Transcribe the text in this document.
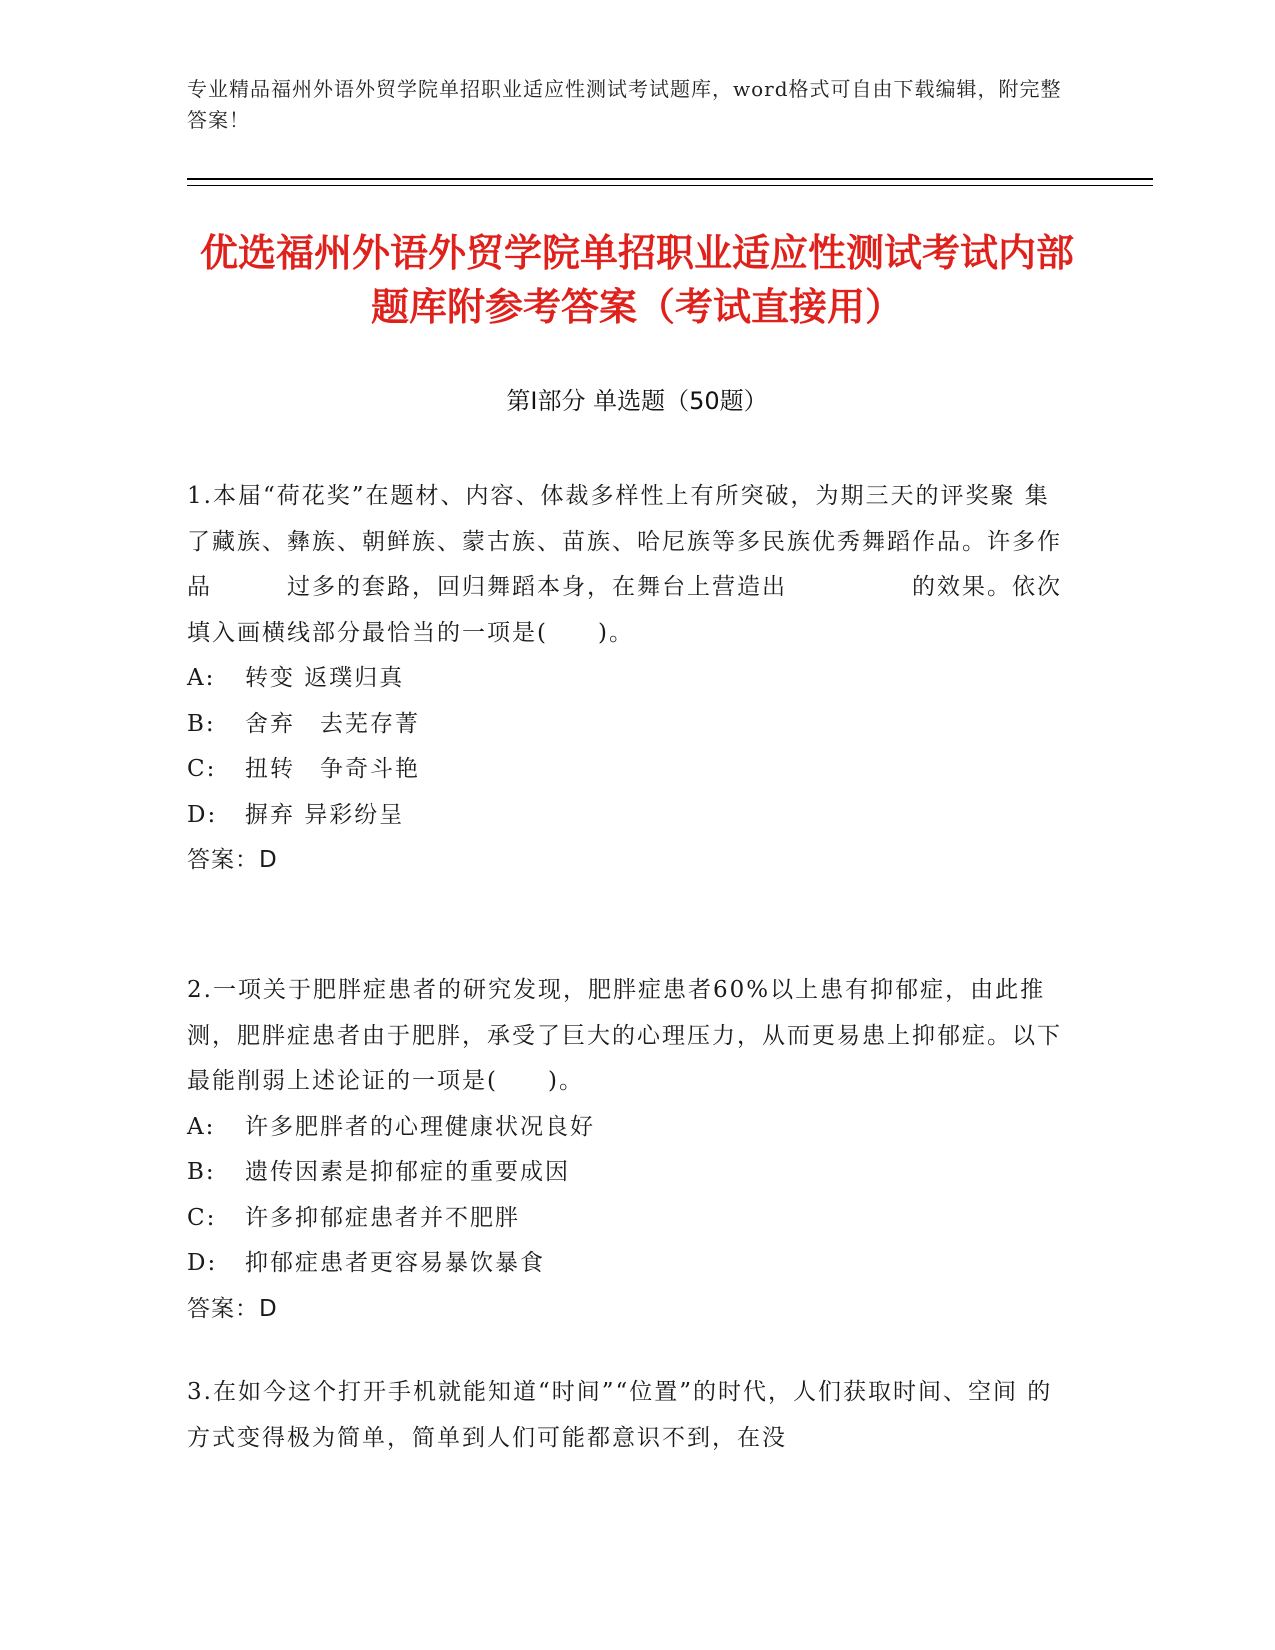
专业精品福州外语外贸学院单招职业适应性测试考试题库，word格式可自由下载编辑，附完整答案！
优选福州外语外贸学院单招职业适应性测试考试内部题库附参考答案（考试直接用）
第Ⅰ部分 单选题（50题）
1.本届“荷花奖”在题材、内容、体裁多样性上有所突破，为期三天的评奖聚 集了藏族、彝族、朝鲜族、蒙古族、苗族、哈尼族等多民族优秀舞蹈作品。许多作品　　　过多的套路，回归舞蹈本身，在舞台上营造出　　　　　的效果。依次填入画横线部分最恰当的一项是(　　)。
A: 转变 返璞归真
B: 舍弃　去芜存菁
C: 扭转　争奇斗艳
D: 摒弃 异彩纷呈
答案：D
2.一项关于肥胖症患者的研究发现，肥胖症患者60%以上患有抑郁症，由此推测，肥胖症患者由于肥胖，承受了巨大的心理压力，从而更易患上抑郁症。以下最能削弱上述论证的一项是(　　)。
A: 许多肥胖者的心理健康状况良好
B: 遗传因素是抑郁症的重要成因
C: 许多抑郁症患者并不肥胖
D: 抑郁症患者更容易暴饮暴食
答案：D
3.在如今这个打开手机就能知道“时间”“位置”的时代，人们获取时间、空间 的方式变得极为简单，简单到人们可能都意识不到，在没
